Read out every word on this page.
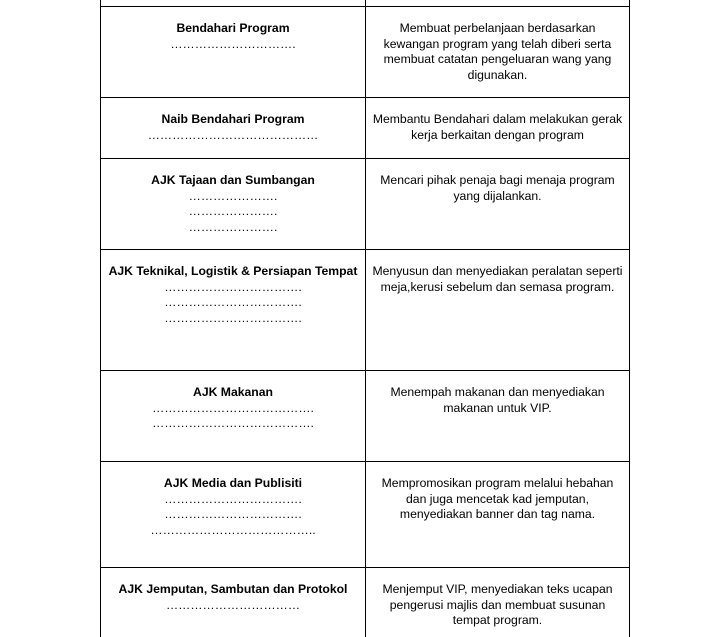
Bendahari Program
………………………….
Membuat perbelanjaan berdasarkan kewangan program yang telah diberi serta membuat catatan pengeluaran wang yang digunakan.
Naib Bendahari Program
……………………………………
Membantu Bendahari dalam melakukan gerak kerja berkaitan dengan program
AJK Tajaan dan Sumbangan
………………….
………………….
………………….
Mencari pihak penaja bagi menaja program yang dijalankan.
AJK Teknikal, Logistik & Persiapan Tempat
…………………………….
…………………………….
…………………………….
Menyusun dan menyediakan peralatan seperti meja,kerusi sebelum dan semasa program.
AJK Makanan
………………………………….
………………………………….
Menempah makanan dan menyediakan makanan untuk VIP.
AJK Media dan Publisiti
…………………………….
…………………………….
…………………………………..
Mempromosikan program melalui hebahan dan juga mencetak kad jemputan, menyediakan banner dan tag nama.
AJK Jemputan, Sambutan dan Protokol
……………………………
Menjemput VIP, menyediakan teks ucapan pengerusi majlis dan membuat susunan tempat program.
